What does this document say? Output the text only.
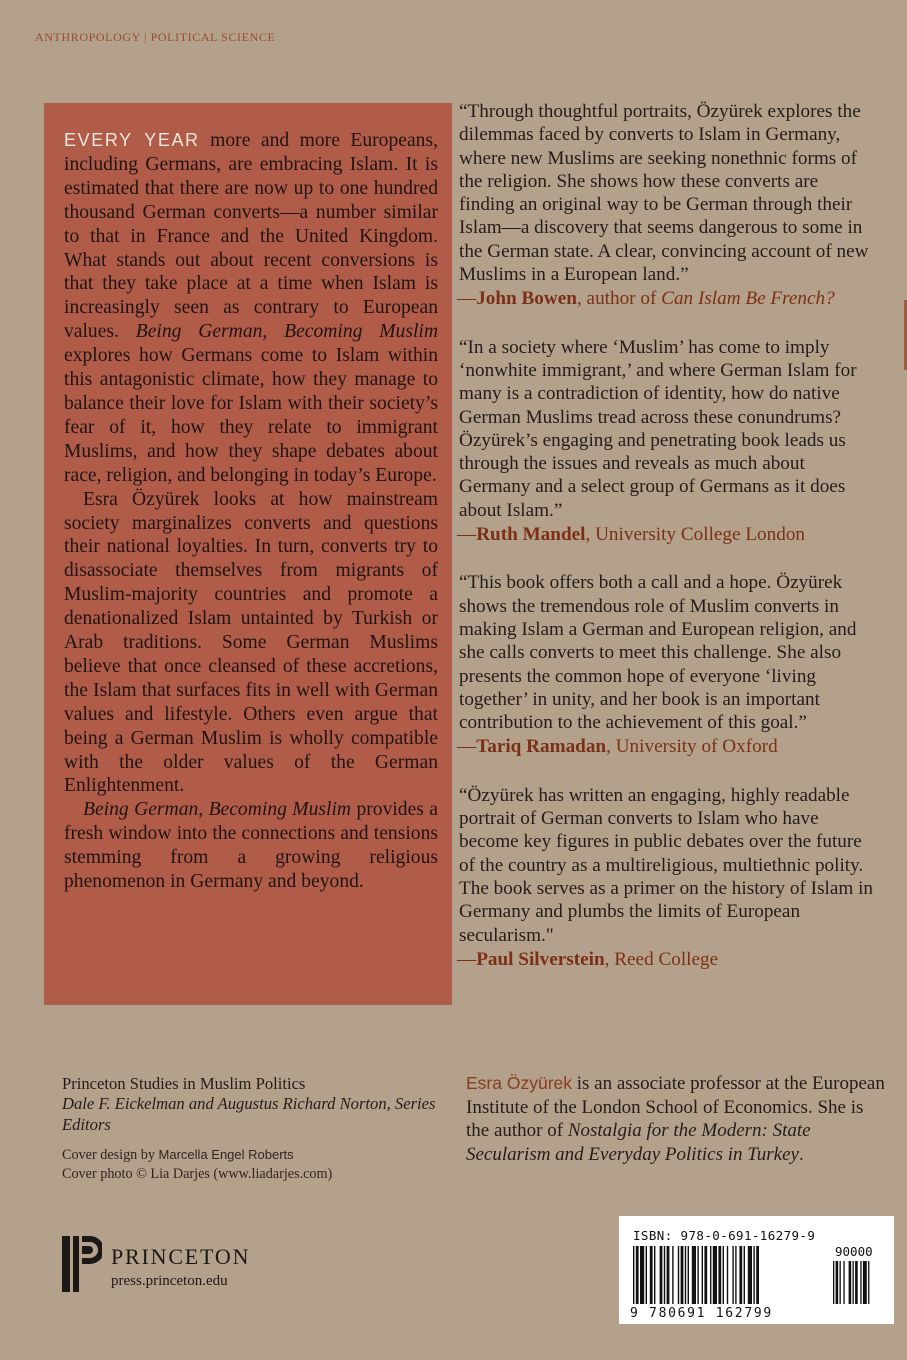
ANTHROPOLOGY | POLITICAL SCIENCE

EVERY YEAR more and more Europeans, including Germans, are embracing Islam. It is estimated that there are now up to one hundred thousand German converts—a number similar to that in France and the United Kingdom. What stands out about recent conversions is that they take place at a time when Islam is increasingly seen as contrary to European values. Being German, Becoming Muslim explores how Germans come to Islam within this antagonistic climate, how they manage to balance their love for Islam with their society’s fear of it, how they relate to immigrant Muslims, and how they shape debates about race, religion, and belonging in today’s Europe.

Esra Özyürek looks at how mainstream society marginalizes converts and questions their national loyalties. In turn, converts try to disassociate themselves from migrants of Muslim-majority countries and promote a denationalized Islam untainted by Turkish or Arab traditions. Some German Muslims believe that once cleansed of these accretions, the Islam that surfaces fits in well with German values and lifestyle. Others even argue that being a German Muslim is wholly compatible with the older values of the German Enlightenment.

Being German, Becoming Muslim provides a fresh window into the connections and tensions stemming from a growing religious phenomenon in Germany and beyond.

“Through thoughtful portraits, Özyürek explores the dilemmas faced by converts to Islam in Germany, where new Muslims are seeking nonethnic forms of the religion. She shows how these converts are finding an original way to be German through their Islam—a discovery that seems dangerous to some in the German state. A clear, convincing account of new Muslims in a European land.”
—John Bowen, author of Can Islam Be French?
“In a society where ‘Muslim’ has come to imply ‘nonwhite immigrant,’ and where German Islam for many is a contradiction of identity, how do native German Muslims tread across these conundrums? Özyürek’s engaging and penetrating book leads us through the issues and reveals as much about Germany and a select group of Germans as it does about Islam.”
—Ruth Mandel, University College London
“This book offers both a call and a hope. Özyürek shows the tremendous role of Muslim converts in making Islam a German and European religion, and she calls converts to meet this challenge. She also presents the common hope of everyone ‘living together’ in unity, and her book is an important contribution to the achievement of this goal.”
—Tariq Ramadan, University of Oxford
“Özyürek has written an engaging, highly readable portrait of German converts to Islam who have become key figures in public debates over the future of the country as a multireligious, multiethnic polity. The book serves as a primer on the history of Islam in Germany and plumbs the limits of European secularism."
—Paul Silverstein, Reed College
Princeton Studies in Muslim Politics
Dale F. Eickelman and Augustus Richard Norton, Series Editors
Cover design by Marcella Engel Roberts
Cover photo © Lia Darjes (www.liadarjes.com)
Esra Özyürek is an associate professor at the European Institute of the London School of Economics. She is the author of Nostalgia for the Modern: State Secularism and Everyday Politics in Turkey.
PRINCETON
press.princeton.edu
ISBN: 978-0-691-16279-9
90000
9 780691 162799
